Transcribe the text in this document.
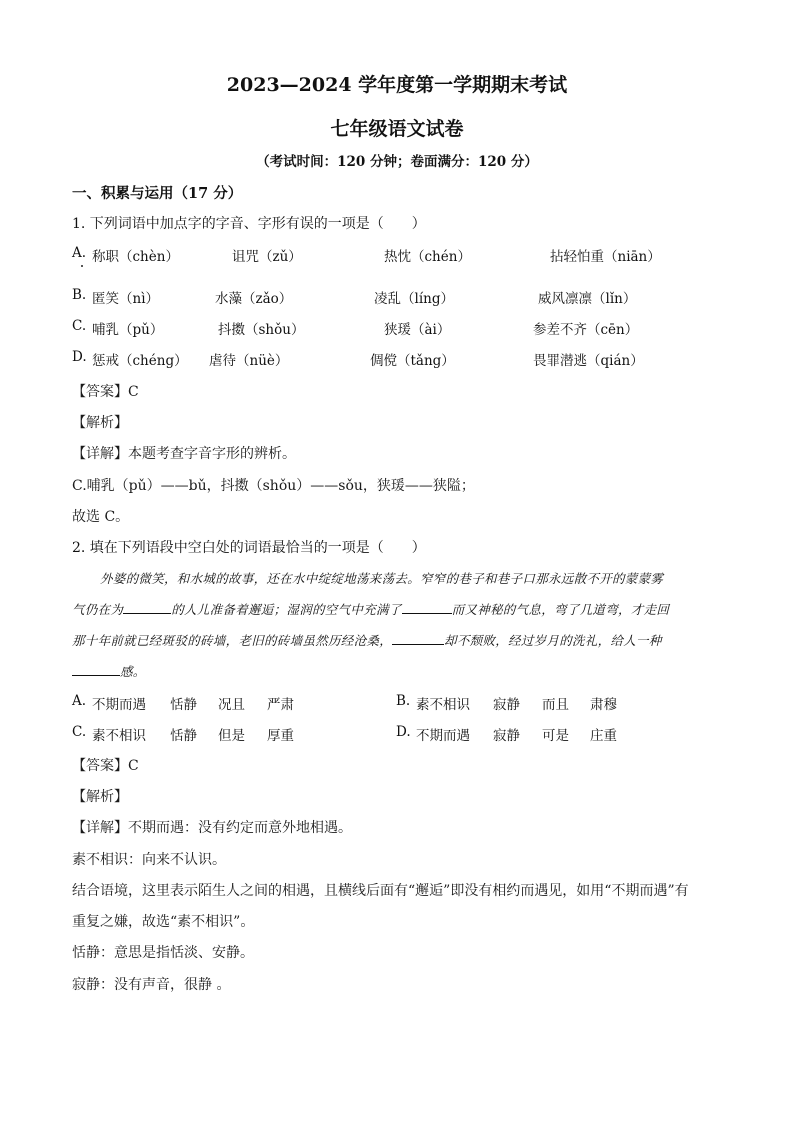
2023—2024 学年度第一学期期末考试
七年级语文试卷
（考试时间：120 分钟；卷面满分：120 分）
一、积累与运用（17 分）
1. 下列词语中加点字的字音、字形有误的一项是（　　）
A. 称职（chèn）	诅咒（zǔ）	热忱（chén）	拈轻怕重（niān）
B. 匿笑（nì）	水藻（zǎo）	凌乱（líng）	威风凛凛（lǐn）
C. 哺乳（pǔ）	抖擞（shǒu）	狭瑗（ài）	参差不齐（cēn）
D. 惩戒（chéng） 虐待（nüè）	倜傥（tǎng）	畏罪潜逃（qián）
【答案】C
【解析】
【详解】本题考查字音字形的辨析。
C.哺乳（pǔ）——bǔ，抖擞（shǒu）——sǒu，狭瑗——狭隘；
故选 C。
2. 填在下列语段中空白处的词语最恰当的一项是（　　）
外婆的微笑，和水城的故事，还在水中绽绽地荡来荡去。窄窄的巷子和巷子口那永远散不开的蒙蒙雾
气仍在为	的人儿准备着邂逅；湿润的空气中充满了	而又神秘的气息，弯了几道弯，才走回
那十年前就已经斑驳的砖墙，老旧的砖墙虽然历经沧桑，	却不颓败，经过岁月的洗礼，给人一种
感。
A. 不期而遇 恬静 况且 严肃	B. 素不相识 寂静 而且 肃穆
C. 素不相识 恬静 但是 厚重	D. 不期而遇 寂静 可是 庄重
【答案】C
【解析】
【详解】不期而遇：没有约定而意外地相遇。
素不相识：向来不认识。
结合语境，这里表示陌生人之间的相遇，且横线后面有“邂逅”即没有相约而遇见，如用“不期而遇”有
重复之嫌，故选“素不相识”。
恬静：意思是指恬淡、安静。
寂静：没有声音，很静 。
